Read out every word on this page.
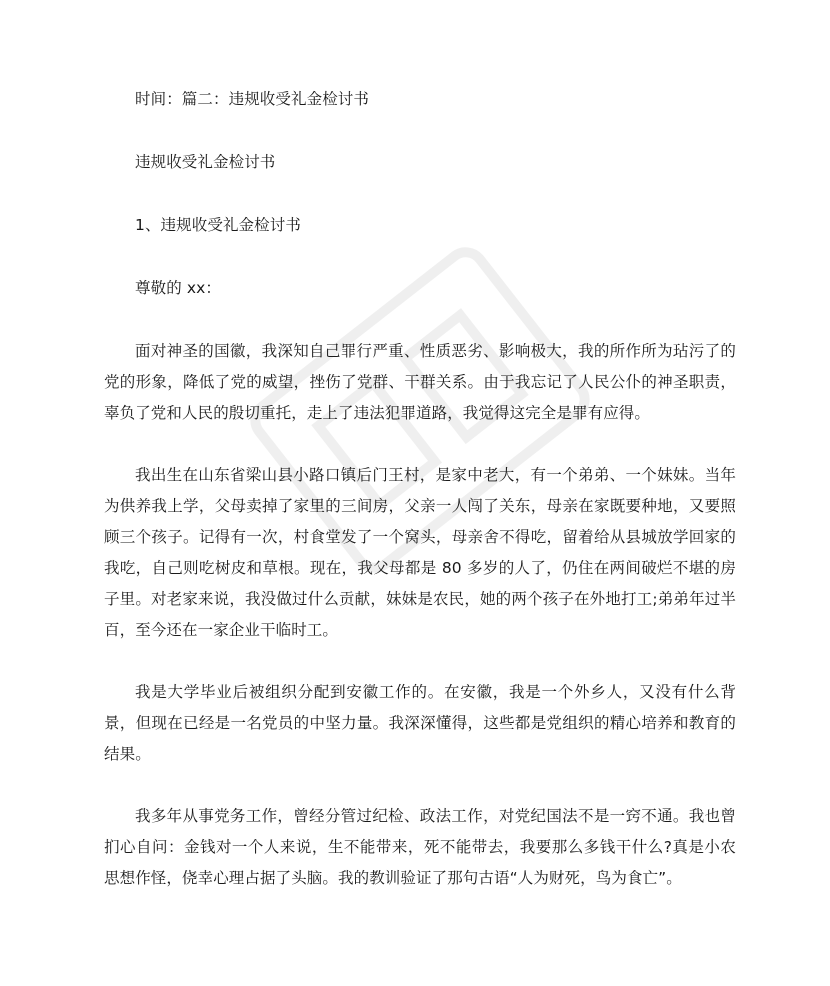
时间：篇二：违规收受礼金检讨书

违规收受礼金检讨书

1、违规收受礼金检讨书

尊敬的 xx：

面对神圣的国徽，我深知自己罪行严重、性质恶劣、影响极大，我的所作所为玷污了的党的形象，降低了党的威望，挫伤了党群、干群关系。由于我忘记了人民公仆的神圣职责，辜负了党和人民的殷切重托，走上了违法犯罪道路，我觉得这完全是罪有应得。

我出生在山东省梁山县小路口镇后门王村，是家中老大，有一个弟弟、一个妹妹。当年为供养我上学，父母卖掉了家里的三间房，父亲一人闯了关东，母亲在家既要种地，又要照顾三个孩子。记得有一次，村食堂发了一个窝头，母亲舍不得吃，留着给从县城放学回家的我吃，自己则吃树皮和草根。现在，我父母都是 80 多岁的人了，仍住在两间破烂不堪的房子里。对老家来说，我没做过什么贡献，妹妹是农民，她的两个孩子在外地打工;弟弟年过半百，至今还在一家企业干临时工。

我是大学毕业后被组织分配到安徽工作的。在安徽，我是一个外乡人，又没有什么背景，但现在已经是一名党员的中坚力量。我深深懂得，这些都是党组织的精心培养和教育的结果。

我多年从事党务工作，曾经分管过纪检、政法工作，对党纪国法不是一窍不通。我也曾扪心自问：金钱对一个人来说，生不能带来，死不能带去，我要那么多钱干什么?真是小农思想作怪，侥幸心理占据了头脑。我的教训验证了那句古语“人为财死，鸟为食亡”。
